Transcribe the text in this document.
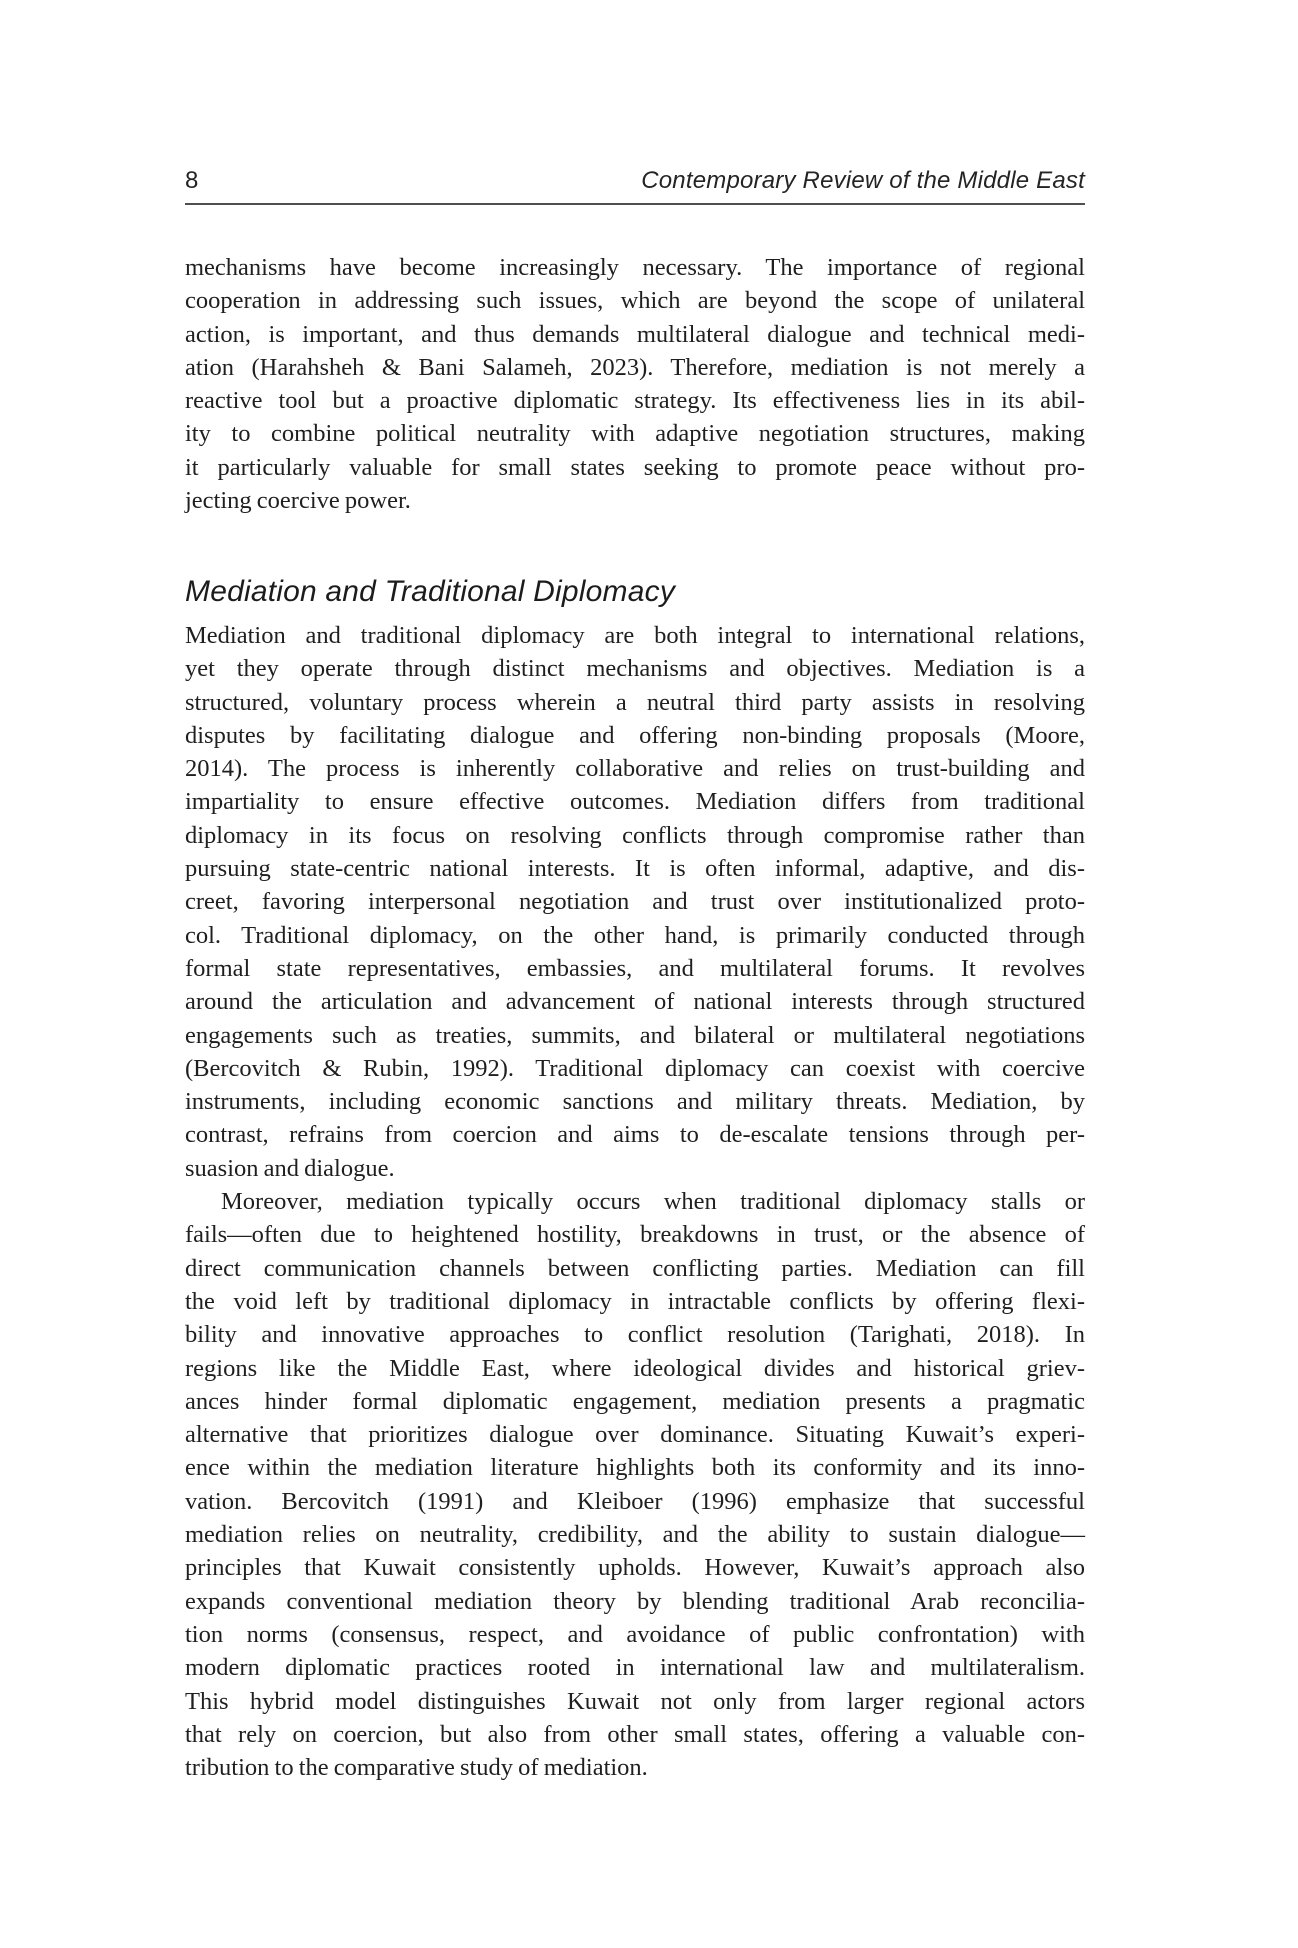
8	Contemporary Review of the Middle East
mechanisms have become increasingly necessary. The importance of regional
cooperation in addressing such issues, which are beyond the scope of unilateral
action, is important, and thus demands multilateral dialogue and technical medi-
ation (Harahsheh & Bani Salameh, 2023). Therefore, mediation is not merely a
reactive tool but a proactive diplomatic strategy. Its effectiveness lies in its abil-
ity to combine political neutrality with adaptive negotiation structures, making
it particularly valuable for small states seeking to promote peace without pro-
jecting coercive power.
Mediation and Traditional Diplomacy
Mediation and traditional diplomacy are both integral to international relations,
yet they operate through distinct mechanisms and objectives. Mediation is a
structured, voluntary process wherein a neutral third party assists in resolving
disputes by facilitating dialogue and offering non-binding proposals (Moore,
2014). The process is inherently collaborative and relies on trust-building and
impartiality to ensure effective outcomes. Mediation differs from traditional
diplomacy in its focus on resolving conflicts through compromise rather than
pursuing state-centric national interests. It is often informal, adaptive, and dis-
creet, favoring interpersonal negotiation and trust over institutionalized proto-
col. Traditional diplomacy, on the other hand, is primarily conducted through
formal state representatives, embassies, and multilateral forums. It revolves
around the articulation and advancement of national interests through structured
engagements such as treaties, summits, and bilateral or multilateral negotiations
(Bercovitch & Rubin, 1992). Traditional diplomacy can coexist with coercive
instruments, including economic sanctions and military threats. Mediation, by
contrast, refrains from coercion and aims to de-escalate tensions through per-
suasion and dialogue.
Moreover, mediation typically occurs when traditional diplomacy stalls or
fails—often due to heightened hostility, breakdowns in trust, or the absence of
direct communication channels between conflicting parties. Mediation can fill
the void left by traditional diplomacy in intractable conflicts by offering flexi-
bility and innovative approaches to conflict resolution (Tarighati, 2018). In
regions like the Middle East, where ideological divides and historical griev-
ances hinder formal diplomatic engagement, mediation presents a pragmatic
alternative that prioritizes dialogue over dominance. Situating Kuwait’s experi-
ence within the mediation literature highlights both its conformity and its inno-
vation. Bercovitch (1991) and Kleiboer (1996) emphasize that successful
mediation relies on neutrality, credibility, and the ability to sustain dialogue—
principles that Kuwait consistently upholds. However, Kuwait’s approach also
expands conventional mediation theory by blending traditional Arab reconcilia-
tion norms (consensus, respect, and avoidance of public confrontation) with
modern diplomatic practices rooted in international law and multilateralism.
This hybrid model distinguishes Kuwait not only from larger regional actors
that rely on coercion, but also from other small states, offering a valuable con-
tribution to the comparative study of mediation.
